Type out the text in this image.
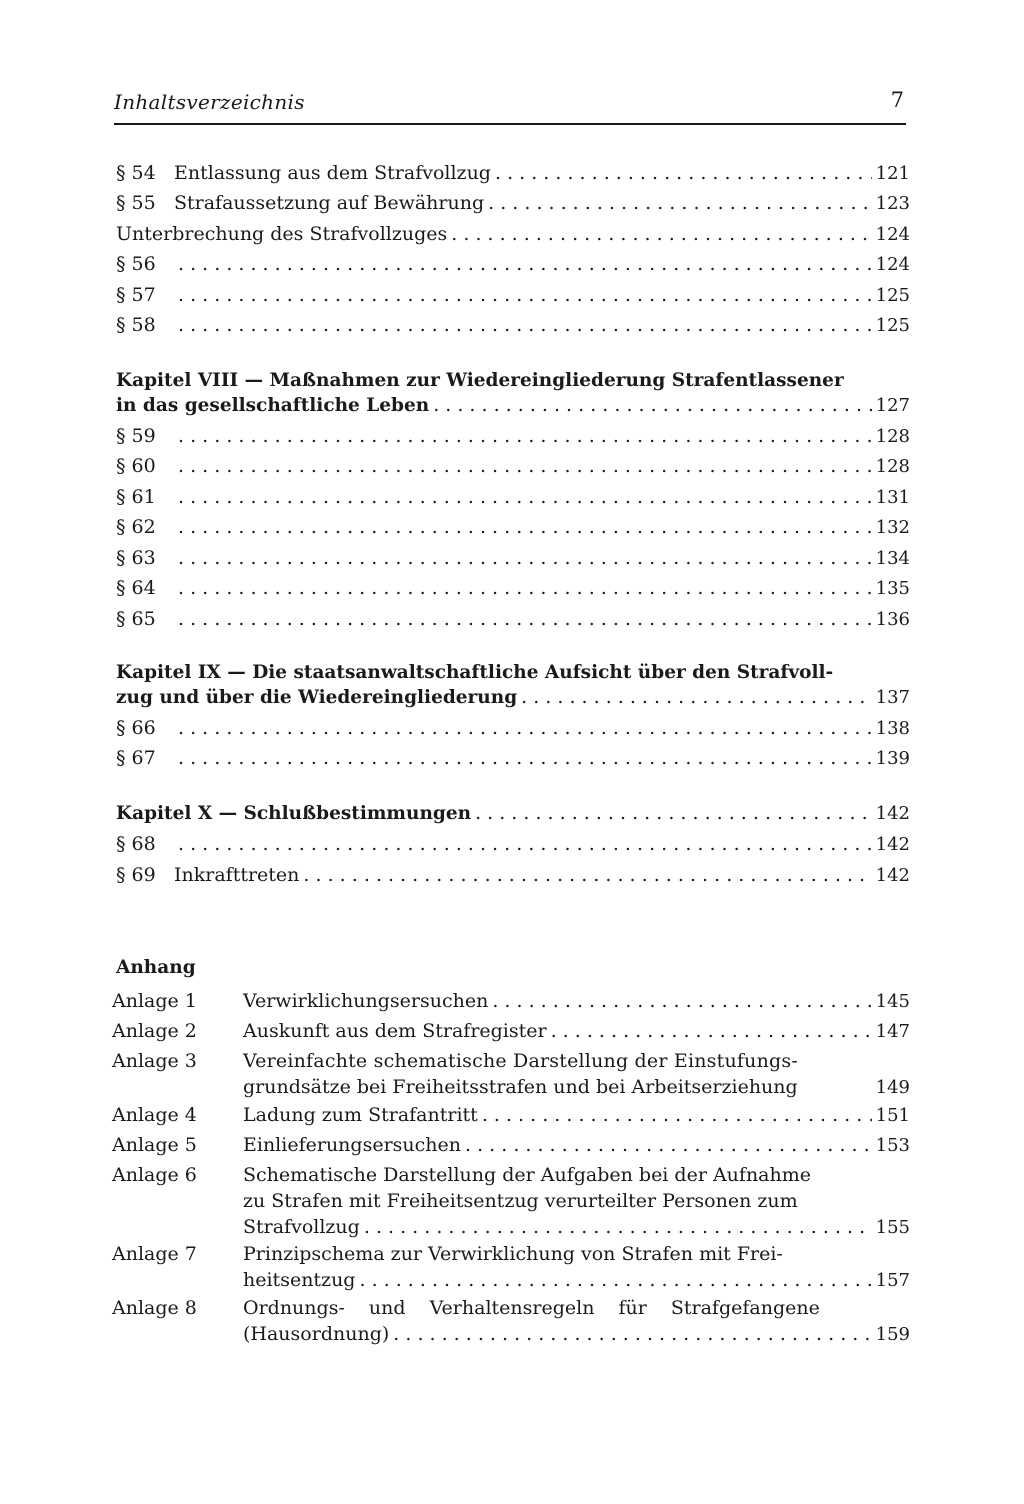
Inhaltsverzeichnis	7
§ 54 Entlassung aus dem Strafvollzug . . .	121
§ 55 Strafaussetzung auf Bewährung . . .	123
Unterbrechung des Strafvollzuges . . .	124
§ 56 . . .	124
§ 57 . . .	125
§ 58 . . .	125
Kapitel VIII — Maßnahmen zur Wiedereingliederung Strafentlassener
in das gesellschaftliche Leben . . .	127
§ 59 . . .	128
§ 60 . . .	128
§ 61 . . .	131
§ 62 . . .	132
§ 63 . . .	134
§ 64 . . .	135
§ 65 . . .	136
Kapitel IX — Die staatsanwaltschaftliche Aufsicht über den Strafvoll-
zug und über die Wiedereingliederung . . .	137
§ 66 . . .	138
§ 67 . . .	139
Kapitel X — Schlußbestimmungen . . .	142
§ 68 . . .	142
§ 69 Inkrafttreten . . .	142
Anhang
Anlage 1	Verwirklichungsersuchen . . .	145
Anlage 2	Auskunft aus dem Strafregister . . .	147
Anlage 3	Vereinfachte schematische Darstellung der Einstufungs-
grundsätze bei Freiheitsstrafen und bei Arbeitserziehung	149
Anlage 4	Ladung zum Strafantritt . . .	151
Anlage 5	Einlieferungsersuchen . . .	153
Anlage 6	Schematische Darstellung der Aufgaben bei der Aufnahme
zu Strafen mit Freiheitsentzug verurteilter Personen zum
Strafvollzug . . .	155
Anlage 7	Prinzipschema zur Verwirklichung von Strafen mit Frei-
heitsentzug . . .	157
Anlage 8	Ordnungs- und Verhaltensregeln für Strafgefangene
(Hausordnung) . . .	159
